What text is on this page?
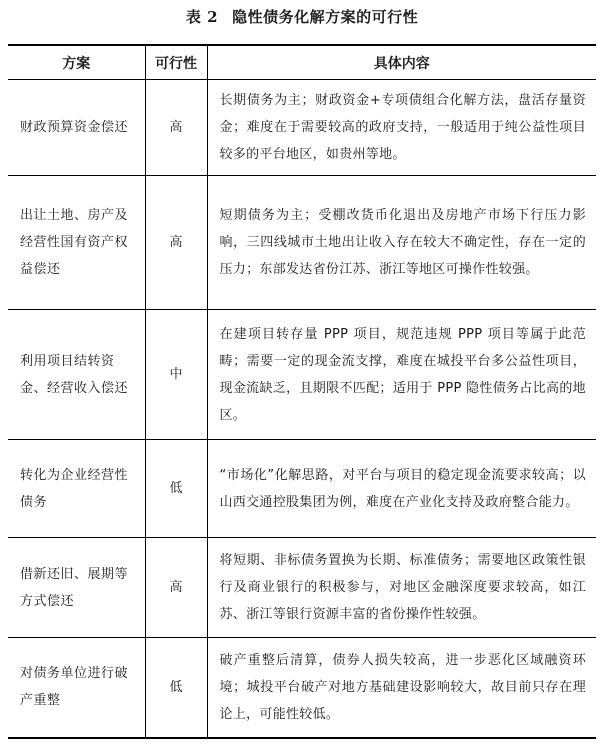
表 2 隐性债务化解方案的可行性
方案	可行性	具体内容
财政预算资金偿还	高	长期债务为主；财政资金+专项债组合化解方法，盘活存量资金；难度在于需要较高的政府支持，一般适用于纯公益性项目较多的平台地区，如贵州等地。
出让土地、房产及经营性国有资产权益偿还	高	短期债务为主；受棚改货币化退出及房地产市场下行压力影响，三四线城市土地出让收入存在较大不确定性，存在一定的压力；东部发达省份江苏、浙江等地区可操作性较强。
利用项目结转资金、经营收入偿还	中	在建项目转存量 PPP 项目，规范违规 PPP 项目等属于此范畴；需要一定的现金流支撑，难度在城投平台多公益性项目，现金流缺乏，且期限不匹配；适用于 PPP 隐性债务占比高的地区。
转化为企业经营性债务	低	“市场化”化解思路，对平台与项目的稳定现金流要求较高；以山西交通控股集团为例，难度在产业化支持及政府整合能力。
借新还旧、展期等方式偿还	高	将短期、非标债务置换为长期、标准债务；需要地区政策性银行及商业银行的积极参与，对地区金融深度要求较高，如江苏、浙江等银行资源丰富的省份操作性较强。
对债务单位进行破产重整	低	破产重整后清算，债券人损失较高，进一步恶化区域融资环境；城投平台破产对地方基础建设影响较大，故目前只存在理论上，可能性较低。
